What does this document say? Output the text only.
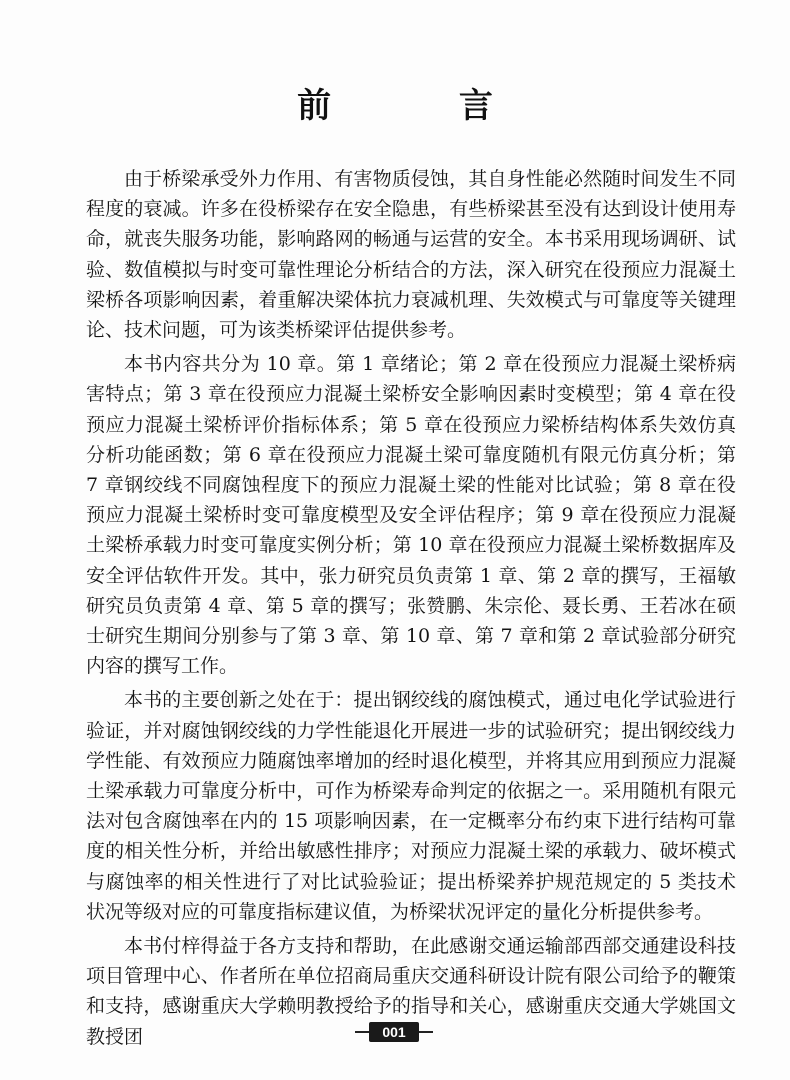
前 言

由于桥梁承受外力作用、有害物质侵蚀，其自身性能必然随时间发生不同程度的衰减。许多在役桥梁存在安全隐患，有些桥梁甚至没有达到设计使用寿命，就丧失服务功能，影响路网的畅通与运营的安全。本书采用现场调研、试验、数值模拟与时变可靠性理论分析结合的方法，深入研究在役预应力混凝土梁桥各项影响因素，着重解决梁体抗力衰减机理、失效模式与可靠度等关键理论、技术问题，可为该类桥梁评估提供参考。

本书内容共分为 10 章。第 1 章绪论；第 2 章在役预应力混凝土梁桥病害特点；第 3 章在役预应力混凝土梁桥安全影响因素时变模型；第 4 章在役预应力混凝土梁桥评价指标体系；第 5 章在役预应力梁桥结构体系失效仿真分析功能函数；第 6 章在役预应力混凝土梁可靠度随机有限元仿真分析；第 7 章钢绞线不同腐蚀程度下的预应力混凝土梁的性能对比试验；第 8 章在役预应力混凝土梁桥时变可靠度模型及安全评估程序；第 9 章在役预应力混凝土梁桥承载力时变可靠度实例分析；第 10 章在役预应力混凝土梁桥数据库及安全评估软件开发。其中，张力研究员负责第 1 章、第 2 章的撰写，王福敏研究员负责第 4 章、第 5 章的撰写；张赞鹏、朱宗伦、聂长勇、王若冰在硕士研究生期间分别参与了第 3 章、第 10 章、第 7 章和第 2 章试验部分研究内容的撰写工作。

本书的主要创新之处在于：提出钢绞线的腐蚀模式，通过电化学试验进行验证，并对腐蚀钢绞线的力学性能退化开展进一步的试验研究；提出钢绞线力学性能、有效预应力随腐蚀率增加的经时退化模型，并将其应用到预应力混凝土梁承载力可靠度分析中，可作为桥梁寿命判定的依据之一。采用随机有限元法对包含腐蚀率在内的 15 项影响因素，在一定概率分布约束下进行结构可靠度的相关性分析，并给出敏感性排序；对预应力混凝土梁的承载力、破坏模式与腐蚀率的相关性进行了对比试验验证；提出桥梁养护规范规定的 5 类技术状况等级对应的可靠度指标建议值，为桥梁状况评定的量化分析提供参考。

本书付梓得益于各方支持和帮助，在此感谢交通运输部西部交通建设科技项目管理中心、作者所在单位招商局重庆交通科研设计院有限公司给予的鞭策和支持，感谢重庆大学赖明教授给予的指导和关心，感谢重庆交通大学姚国文教授团	001
